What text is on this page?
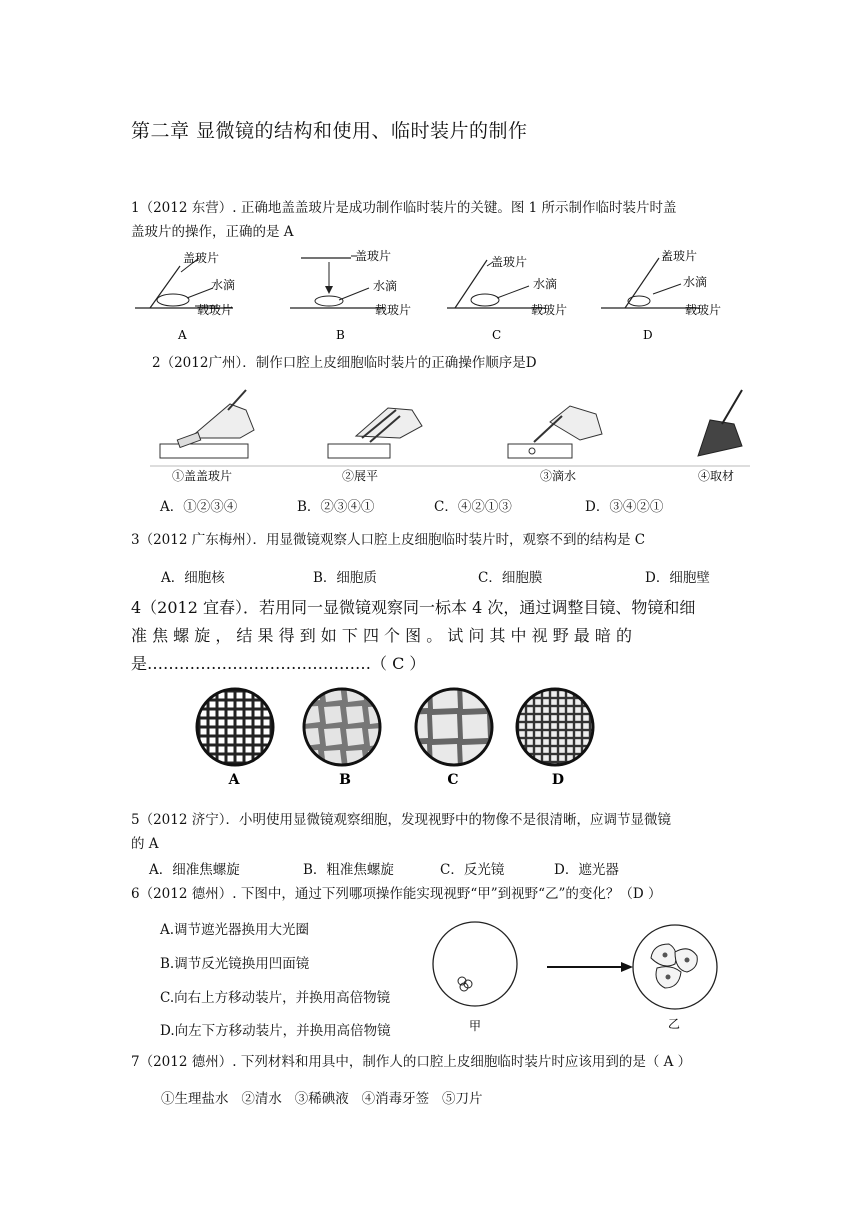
第二章 显微镜的结构和使用、临时装片的制作
1（2012 东营）. 正确地盖盖玻片是成功制作临时装片的关键。图 1 所示制作临时装片时盖
盖玻片的操作，正确的是 A
盖玻片
水滴
载玻片
A
盖玻片
水滴
载玻片
B
盖玻片
水滴
载玻片
C
盖玻片
水滴
载玻片
D
2（2012广州）．制作口腔上皮细胞临时装片的正确操作顺序是D
①盖盖玻片	②展平	③滴水	④取材
A．①②③④	B．②③④①	C．④②①③	D．③④②①
3（2012 广东梅州）．用显微镜观察人口腔上皮细胞临时装片时，观察不到的结构是 C
A．细胞核	B．细胞质	C．细胞膜	D．细胞壁
4（2012 宜春）．若用同一显微镜观察同一标本 4 次，通过调整目镜、物镜和细
准 焦 螺 旋 ， 结 果 得 到 如 下 四 个 图 。 试 问 其 中 视 野 最 暗 的
是……………………………………（ C ）
A	B	C	D
5（2012 济宁）．小明使用显微镜观察细胞，发现视野中的物像不是很清晰，应调节显微镜
的 A
A．细准焦螺旋	B．粗准焦螺旋	C．反光镜	D．遮光器
6（2012 德州）. 下图中，通过下列哪项操作能实现视野“甲”到视野“乙”的变化？（D ）
A.调节遮光器换用大光圈
B.调节反光镜换用凹面镜
C.向右上方移动装片，并换用高倍物镜
D.向左下方移动装片，并换用高倍物镜	甲	乙
7（2012 德州）. 下列材料和用具中，制作人的口腔上皮细胞临时装片时应该用到的是（ A ）
①生理盐水   ②清水   ③稀碘液   ④消毒牙签   ⑤刀片
